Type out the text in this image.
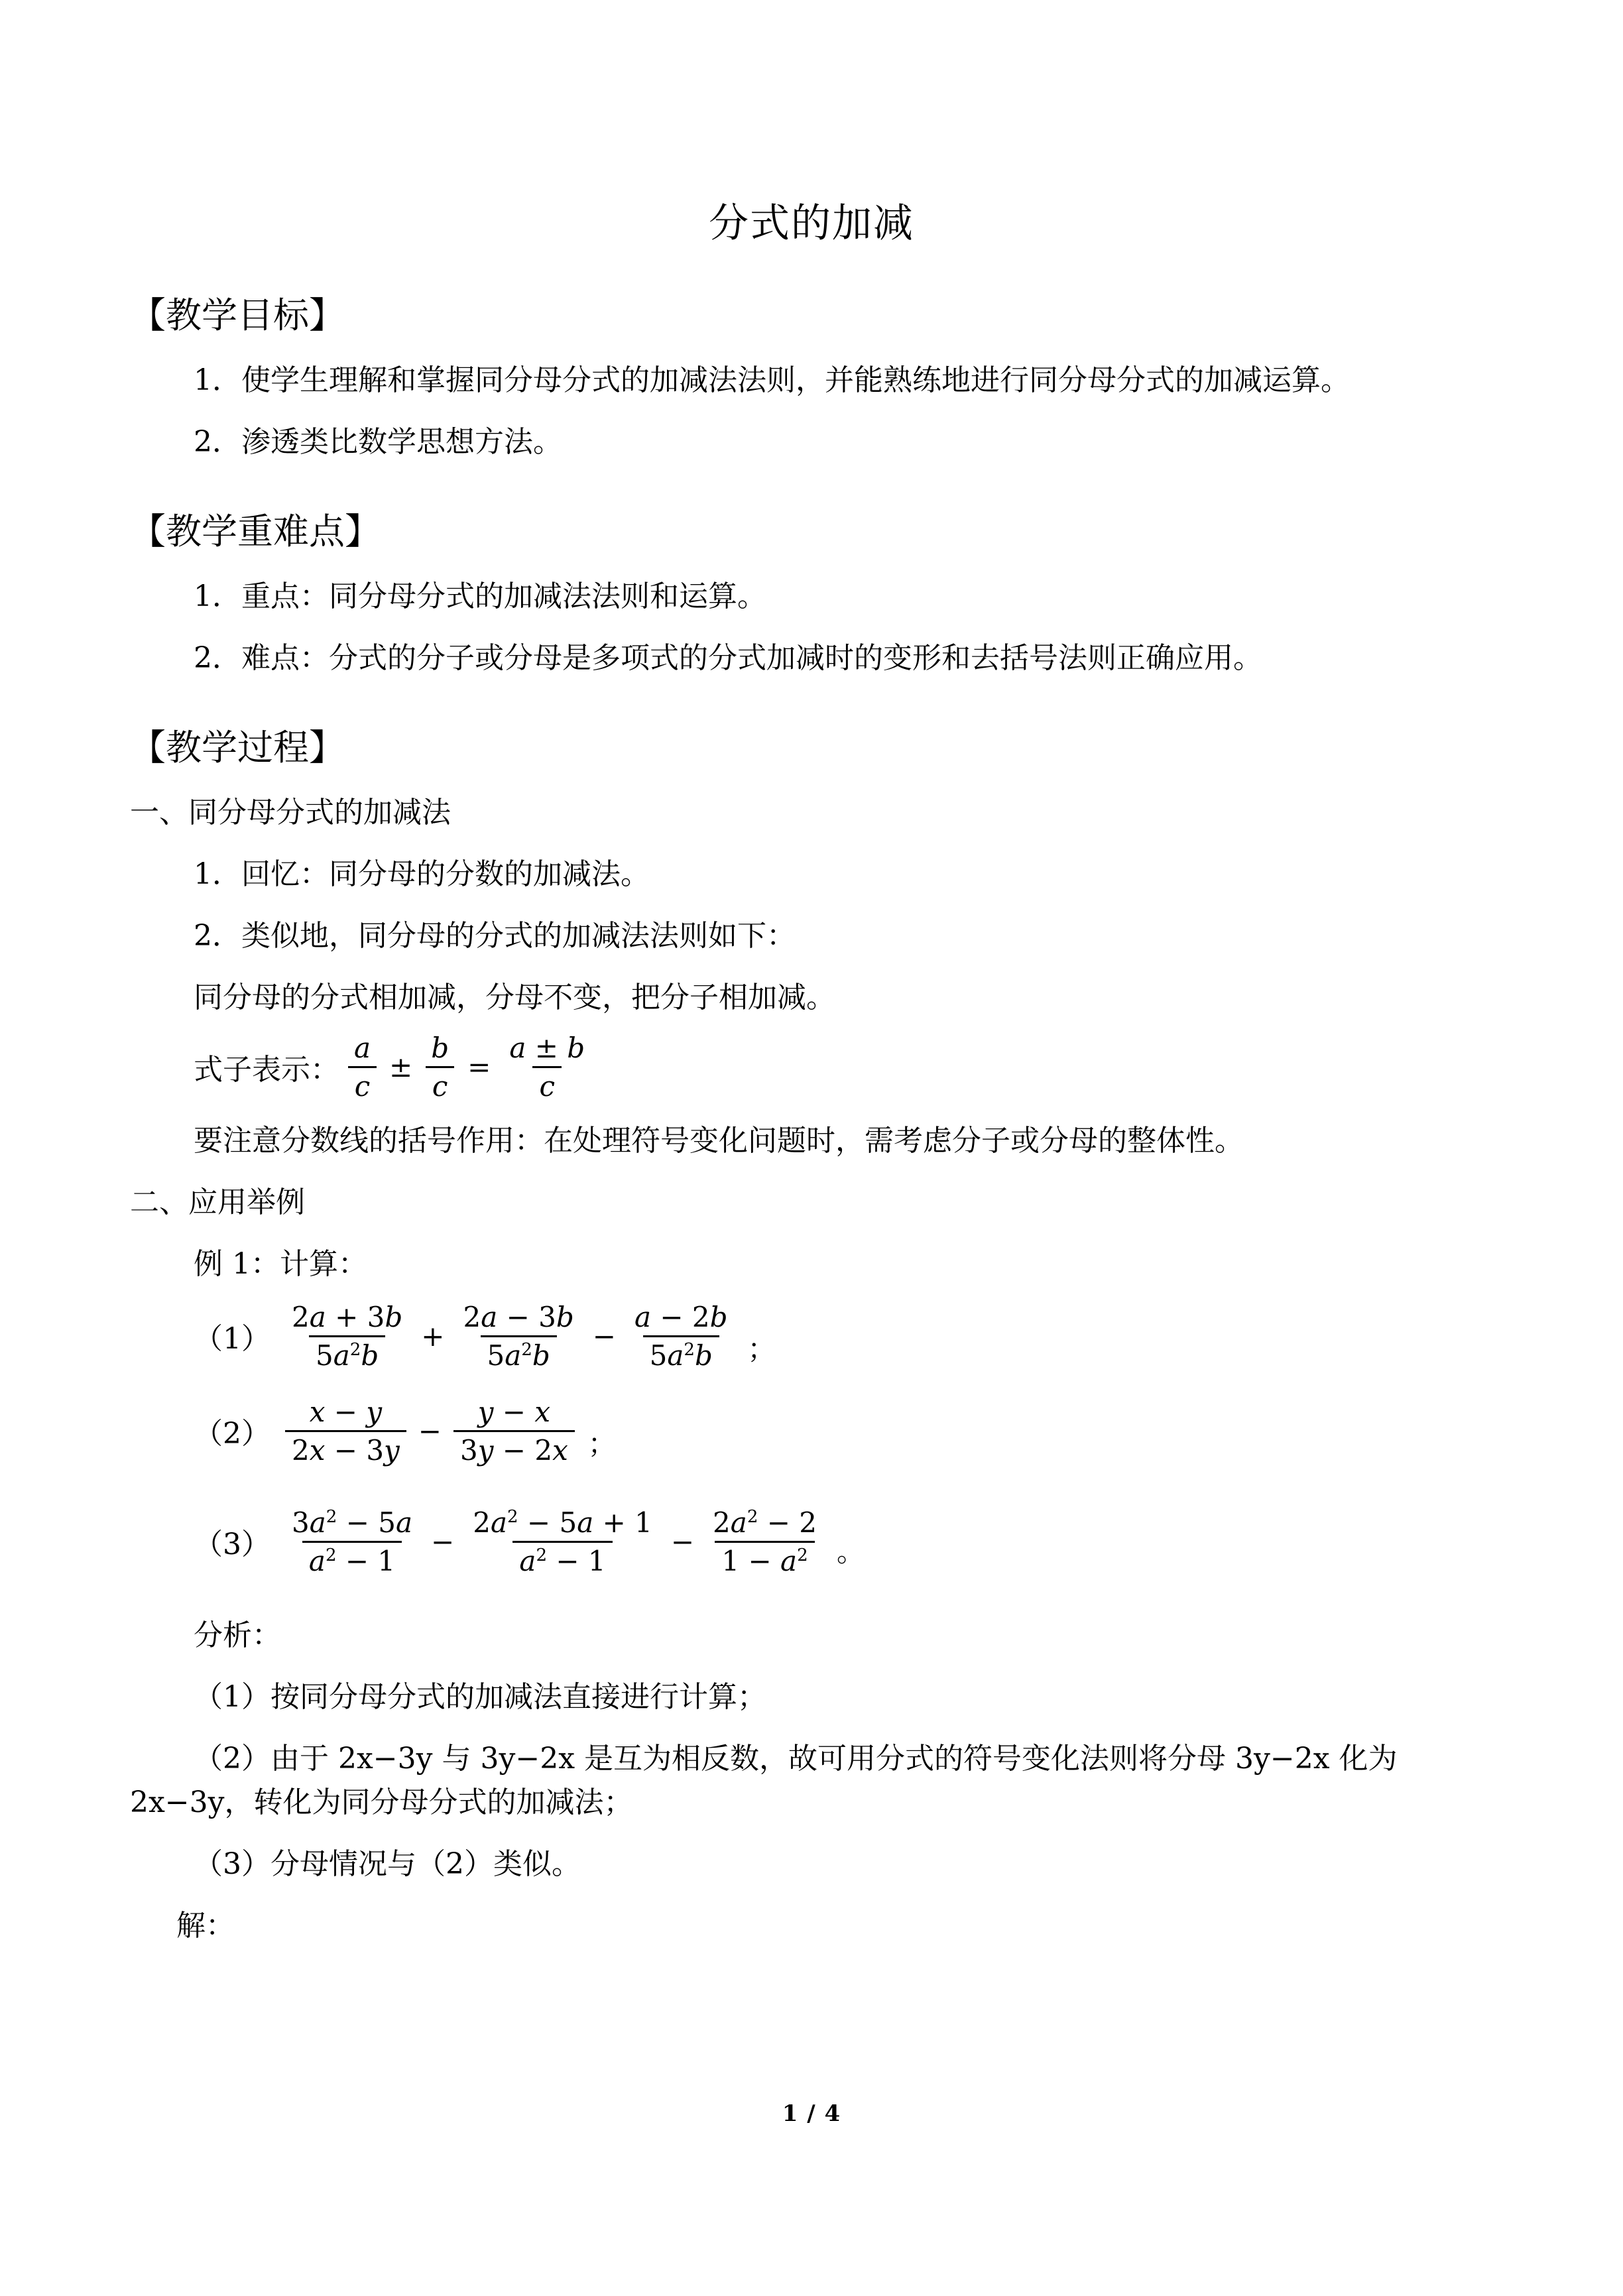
分式的加减
【教学目标】
1．使学生理解和掌握同分母分式的加减法法则，并能熟练地进行同分母分式的加减运算。
2．渗透类比数学思想方法。
【教学重难点】
1．重点：同分母分式的加减法法则和运算。
2．难点：分式的分子或分母是多项式的分式加减时的变形和去括号法则正确应用。
【教学过程】
一、同分母分式的加减法
1．回忆：同分母的分数的加减法。
2．类似地，同分母的分式的加减法法则如下：
同分母的分式相加减，分母不变，把分子相加减。
式子表示： $\frac{a}{c} \pm \frac{b}{c} = \frac{a \pm b}{c}$
要注意分数线的括号作用：在处理符号变化问题时，需考虑分子或分母的整体性。
二、应用举例
例 1：计算：
$(1) \frac{2a + 3b}{5a^2b} + \frac{2a - 3b}{5a^2b} - \frac{a - 2b}{5a^2b}$ ；
$(2) \frac{x - y}{2x - 3y} - \frac{y - x}{3y - 2x}$ ；
$(3) \frac{3a^2 - 5a}{a^2 - 1} - \frac{2a^2 - 5a + 1}{a^2 - 1} - \frac{2a^2 - 2}{1 - a^2}$ 。
分析：
（1）按同分母分式的加减法直接进行计算；
（2）由于 2x−3y 与 3y−2x 是互为相反数，故可用分式的符号变化法则将分母 3y−2x 化为 2x−3y，转化为同分母分式的加减法；
（3）分母情况与（2）类似。
解：
1 / 4
